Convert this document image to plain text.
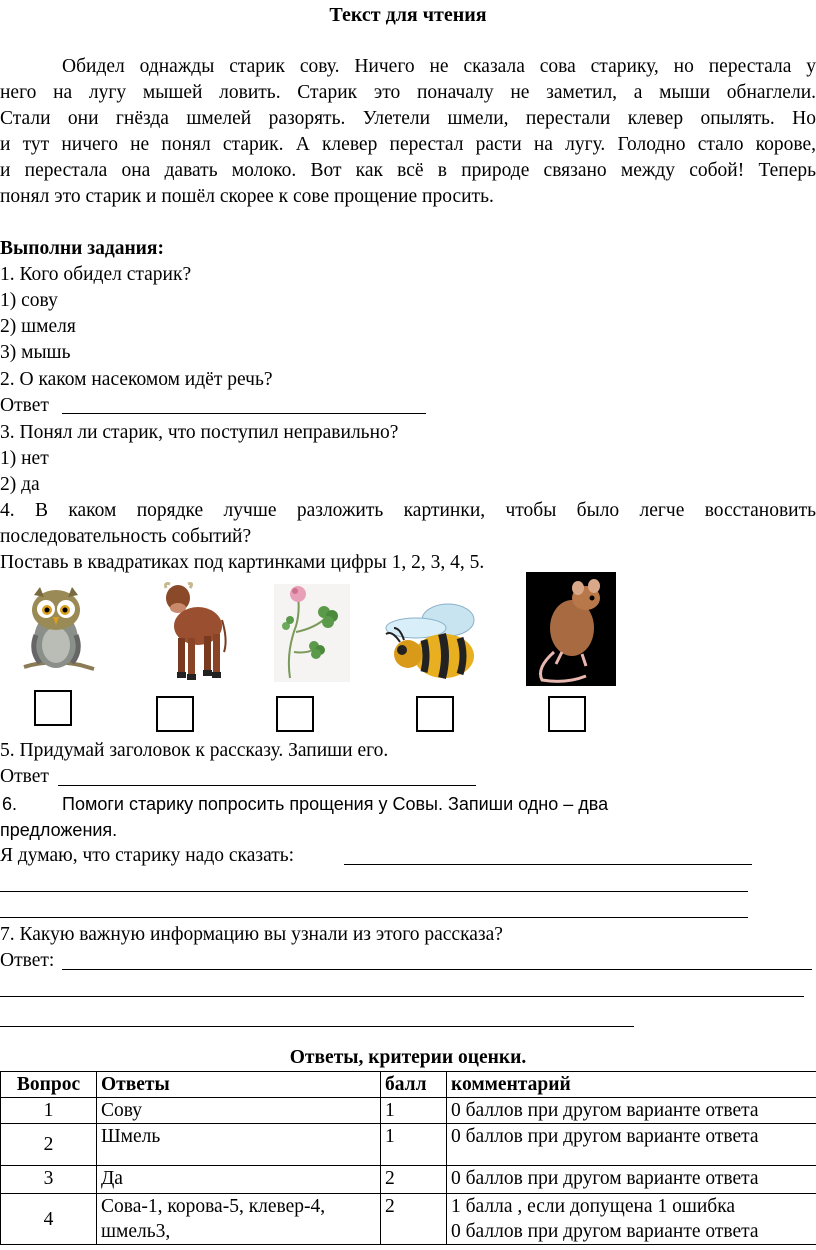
Текст для чтения
Обидел однажды старик сову. Ничего не сказала сова старику, но перестала у
него на лугу мышей ловить. Старик это поначалу не заметил, а мыши обнаглели.
Стали они гнёзда шмелей разорять. Улетели шмели, перестали клевер опылять. Но
и тут ничего не понял старик. А клевер перестал расти на лугу. Голодно стало корове,
и перестала она давать молоко. Вот как всё в природе связано между собой! Теперь
понял это старик и пошёл скорее к сове прощение просить.
Выполни задания:
1. Кого обидел старик?
1) сову
2) шмеля
3) мышь
2. О каком насекомом идёт речь?
Ответ
3. Понял ли старик, что поступил неправильно?
1) нет
2) да
4. В каком порядке лучше разложить картинки, чтобы было легче восстановить
последовательность событий?
Поставь в квадратиках под картинками цифры 1, 2, 3, 4, 5.
5. Придумай заголовок к рассказу. Запиши его.
Ответ
6. Помоги старику попросить прощения у Совы. Запиши одно – два
предложения.
Я думаю, что старику надо сказать:
7. Какую важную информацию вы узнали из этого рассказа?
Ответ:
Ответы, критерии оценки.
Вопрос	Ответы	балл	комментарий
1	Сову	1	0 баллов при другом варианте ответа
2	Шмель	1	0 баллов при другом варианте ответа
3	Да	2	0 баллов при другом варианте ответа
4	Сова-1, корова-5, клевер-4,
шмель3,	2	1 балла , если допущена 1 ошибка
0 баллов при другом варианте ответа
